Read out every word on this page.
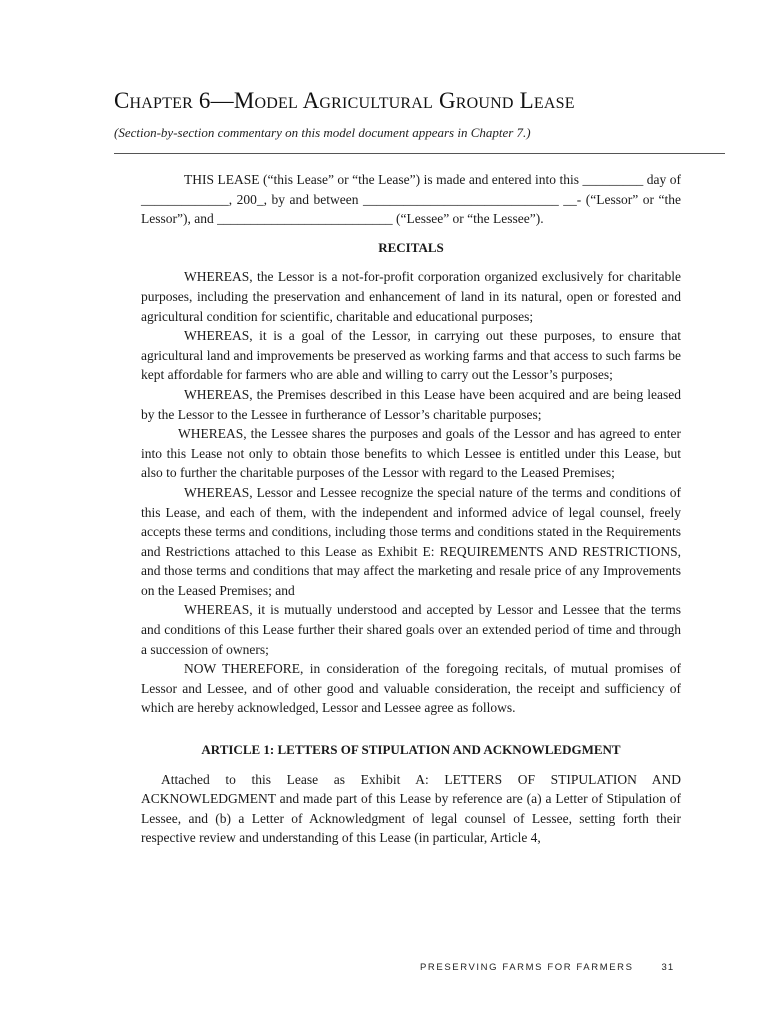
Chapter 6—Model Agricultural Ground Lease
(Section-by-section commentary on this model document appears in Chapter 7.)

THIS LEASE (“this Lease” or “the Lease”) is made and entered into this _________ day of _____________, 200_, by and between _____________________________ __- (“Lessor” or “the Lessor”), and __________________________ (“Lessee” or “the Lessee”).

RECITALS

WHEREAS, the Lessor is a not-for-profit corporation organized exclusively for charitable purposes, including the preservation and enhancement of land in its natural, open or forested and agricultural condition for scientific, charitable and educational purposes;

WHEREAS, it is a goal of the Lessor, in carrying out these purposes, to ensure that agricultural land and improvements be preserved as working farms and that access to such farms be kept affordable for farmers who are able and willing to carry out the Lessor’s purposes;

WHEREAS, the Premises described in this Lease have been acquired and are being leased by the Lessor to the Lessee in furtherance of Lessor’s charitable purposes;

WHEREAS, the Lessee shares the purposes and goals of the Lessor and has agreed to enter into this Lease not only to obtain those benefits to which Lessee is entitled under this Lease, but also to further the charitable purposes of the Lessor with regard to the Leased Premises;

WHEREAS, Lessor and Lessee recognize the special nature of the terms and conditions of this Lease, and each of them, with the independent and informed advice of legal counsel, freely accepts these terms and conditions, including those terms and conditions stated in the Requirements and Restrictions attached to this Lease as Exhibit E: REQUIREMENTS AND RESTRICTIONS, and those terms and conditions that may affect the marketing and resale price of any Improvements on the Leased Premises; and

WHEREAS, it is mutually understood and accepted by Lessor and Lessee that the terms and conditions of this Lease further their shared goals over an extended period of time and through a succession of owners;

NOW THEREFORE, in consideration of the foregoing recitals, of mutual promises of Lessor and Lessee, and of other good and valuable consideration, the receipt and sufficiency of which are hereby acknowledged, Lessor and Lessee agree as follows.

ARTICLE 1: LETTERS OF STIPULATION AND ACKNOWLEDGMENT

Attached to this Lease as Exhibit A: LETTERS OF STIPULATION AND ACKNOWLEDGMENT and made part of this Lease by reference are (a) a Letter of Stipulation of Lessee, and (b) a Letter of Acknowledgment of legal counsel of Lessee, setting forth their respective review and understanding of this Lease (in particular, Article 4,

PRESERVING FARMS FOR FARMERS	31
